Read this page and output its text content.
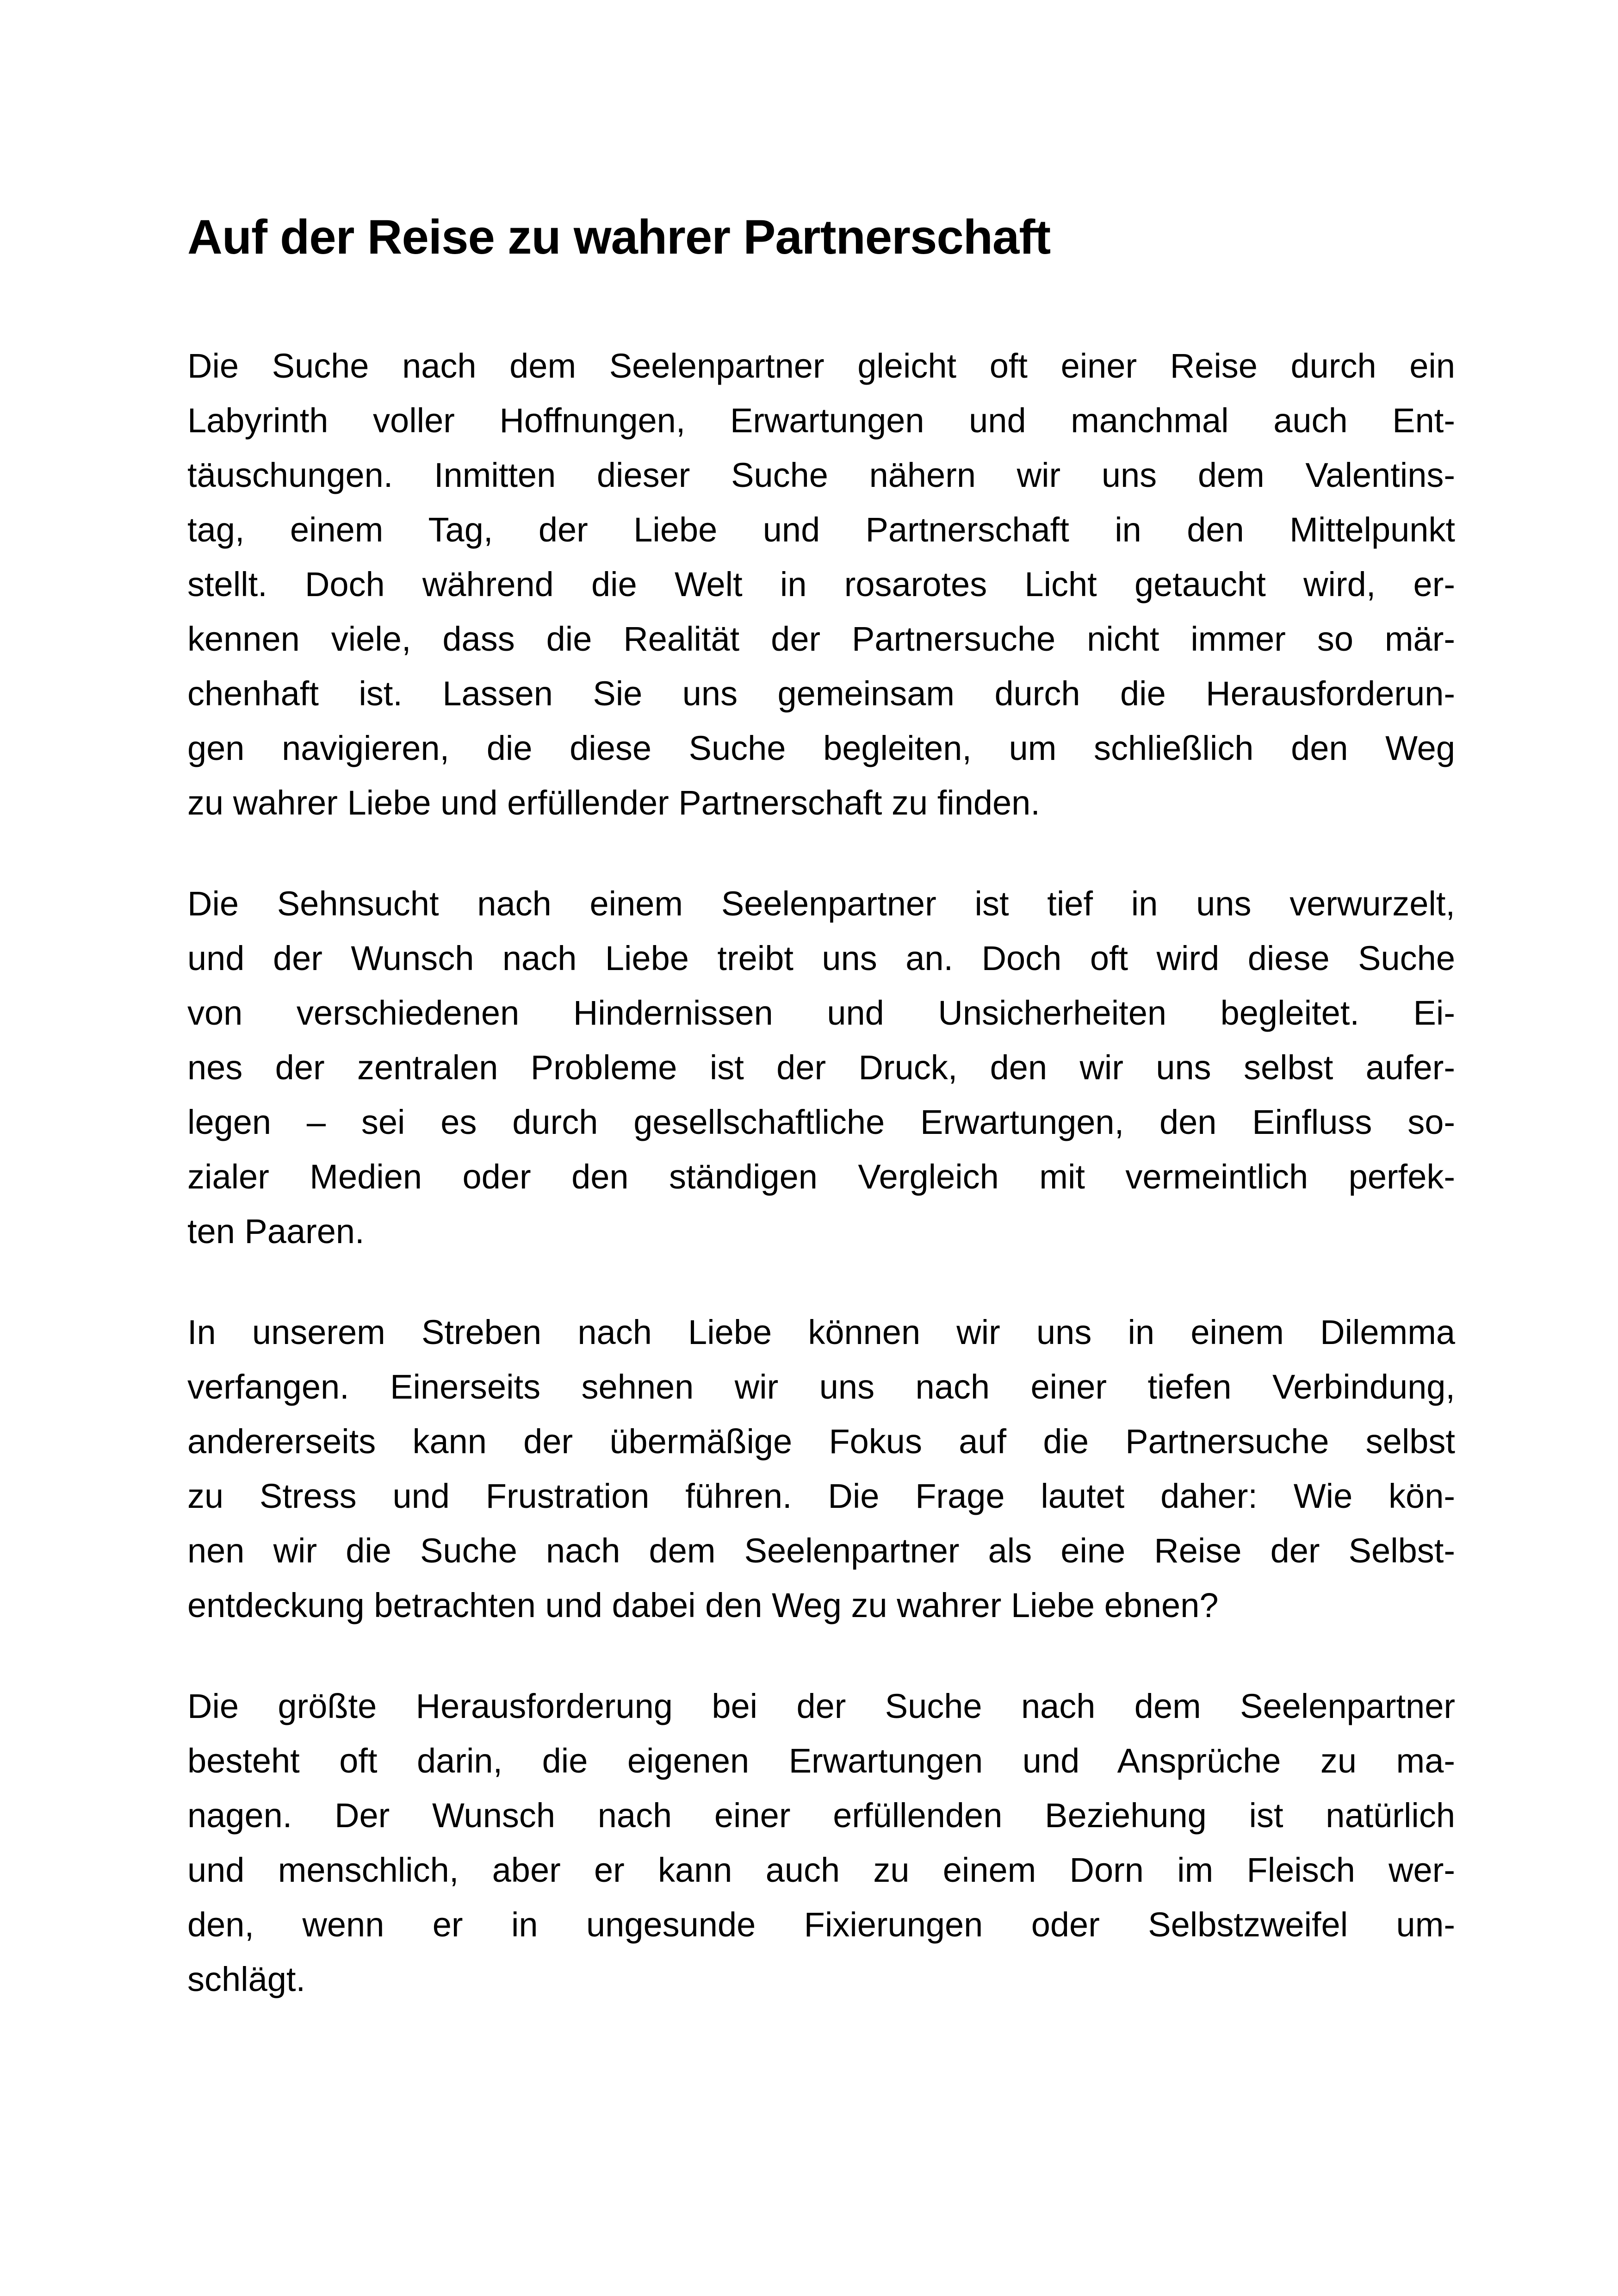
Auf der Reise zu wahrer Partnerschaft
Die Suche nach dem Seelenpartner gleicht oft einer Reise durch ein
Labyrinth voller Hoffnungen, Erwartungen und manchmal auch Ent-
täuschungen. Inmitten dieser Suche nähern wir uns dem Valentins-
tag, einem Tag, der Liebe und Partnerschaft in den Mittelpunkt
stellt. Doch während die Welt in rosarotes Licht getaucht wird, er-
kennen viele, dass die Realität der Partnersuche nicht immer so mär-
chenhaft ist. Lassen Sie uns gemeinsam durch die Herausforderun-
gen navigieren, die diese Suche begleiten, um schließlich den Weg
zu wahrer Liebe und erfüllender Partnerschaft zu finden.
Die Sehnsucht nach einem Seelenpartner ist tief in uns verwurzelt,
und der Wunsch nach Liebe treibt uns an. Doch oft wird diese Suche
von verschiedenen Hindernissen und Unsicherheiten begleitet. Ei-
nes der zentralen Probleme ist der Druck, den wir uns selbst aufer-
legen – sei es durch gesellschaftliche Erwartungen, den Einfluss so-
zialer Medien oder den ständigen Vergleich mit vermeintlich perfek-
ten Paaren.
In unserem Streben nach Liebe können wir uns in einem Dilemma
verfangen. Einerseits sehnen wir uns nach einer tiefen Verbindung,
andererseits kann der übermäßige Fokus auf die Partnersuche selbst
zu Stress und Frustration führen. Die Frage lautet daher: Wie kön-
nen wir die Suche nach dem Seelenpartner als eine Reise der Selbst-
entdeckung betrachten und dabei den Weg zu wahrer Liebe ebnen?
Die größte Herausforderung bei der Suche nach dem Seelenpartner
besteht oft darin, die eigenen Erwartungen und Ansprüche zu ma-
nagen. Der Wunsch nach einer erfüllenden Beziehung ist natürlich
und menschlich, aber er kann auch zu einem Dorn im Fleisch wer-
den, wenn er in ungesunde Fixierungen oder Selbstzweifel um-
schlägt.
